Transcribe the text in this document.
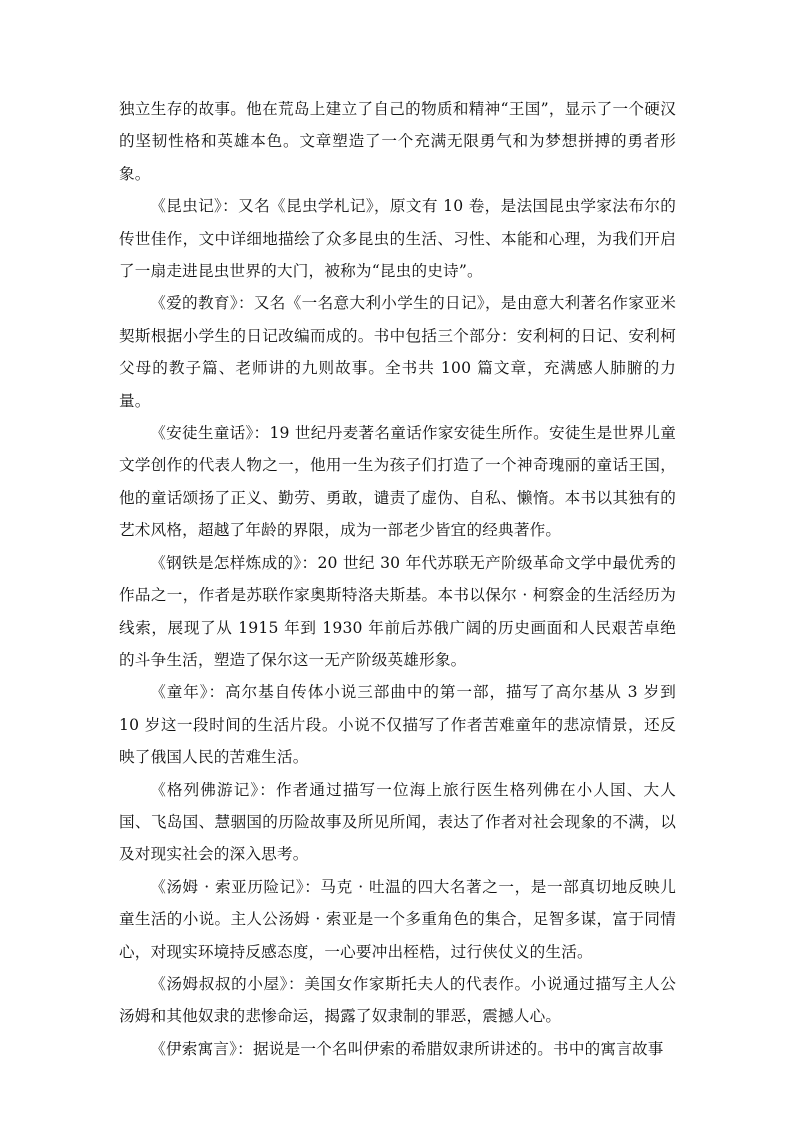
独立生存的故事。他在荒岛上建立了自己的物质和精神“王国”，显示了一个硬汉的坚韧性格和英雄本色。文章塑造了一个充满无限勇气和为梦想拼搏的勇者形象。

《昆虫记》：又名《昆虫学札记》，原文有 10 卷，是法国昆虫学家法布尔的传世佳作，文中详细地描绘了众多昆虫的生活、习性、本能和心理，为我们开启了一扇走进昆虫世界的大门，被称为“昆虫的史诗”。

《爱的教育》：又名《一名意大利小学生的日记》，是由意大利著名作家亚米契斯根据小学生的日记改编而成的。书中包括三个部分：安利柯的日记、安利柯父母的教子篇、老师讲的九则故事。全书共 100 篇文章，充满感人肺腑的力量。

《安徒生童话》：19 世纪丹麦著名童话作家安徒生所作。安徒生是世界儿童文学创作的代表人物之一，他用一生为孩子们打造了一个神奇瑰丽的童话王国，他的童话颂扬了正义、勤劳、勇敢，谴责了虚伪、自私、懒惰。本书以其独有的艺术风格，超越了年龄的界限，成为一部老少皆宜的经典著作。

《钢铁是怎样炼成的》：20 世纪 30 年代苏联无产阶级革命文学中最优秀的作品之一，作者是苏联作家奥斯特洛夫斯基。本书以保尔 · 柯察金的生活经历为线索，展现了从 1915 年到 1930 年前后苏俄广阔的历史画面和人民艰苦卓绝的斗争生活，塑造了保尔这一无产阶级英雄形象。

《童年》：高尔基自传体小说三部曲中的第一部，描写了高尔基从 3 岁到 10 岁这一段时间的生活片段。小说不仅描写了作者苦难童年的悲凉情景，还反映了俄国人民的苦难生活。

《格列佛游记》：作者通过描写一位海上旅行医生格列佛在小人国、大人国、飞岛国、慧骃国的历险故事及所见所闻，表达了作者对社会现象的不满，以及对现实社会的深入思考。

《汤姆 · 索亚历险记》：马克 · 吐温的四大名著之一，是一部真切地反映儿童生活的小说。主人公汤姆 · 索亚是一个多重角色的集合，足智多谋，富于同情心，对现实环境持反感态度，一心要冲出桎梏，过行侠仗义的生活。

《汤姆叔叔的小屋》：美国女作家斯托夫人的代表作。小说通过描写主人公汤姆和其他奴隶的悲惨命运，揭露了奴隶制的罪恶，震撼人心。

《伊索寓言》：据说是一个名叫伊索的希腊奴隶所讲述的。书中的寓言故事
